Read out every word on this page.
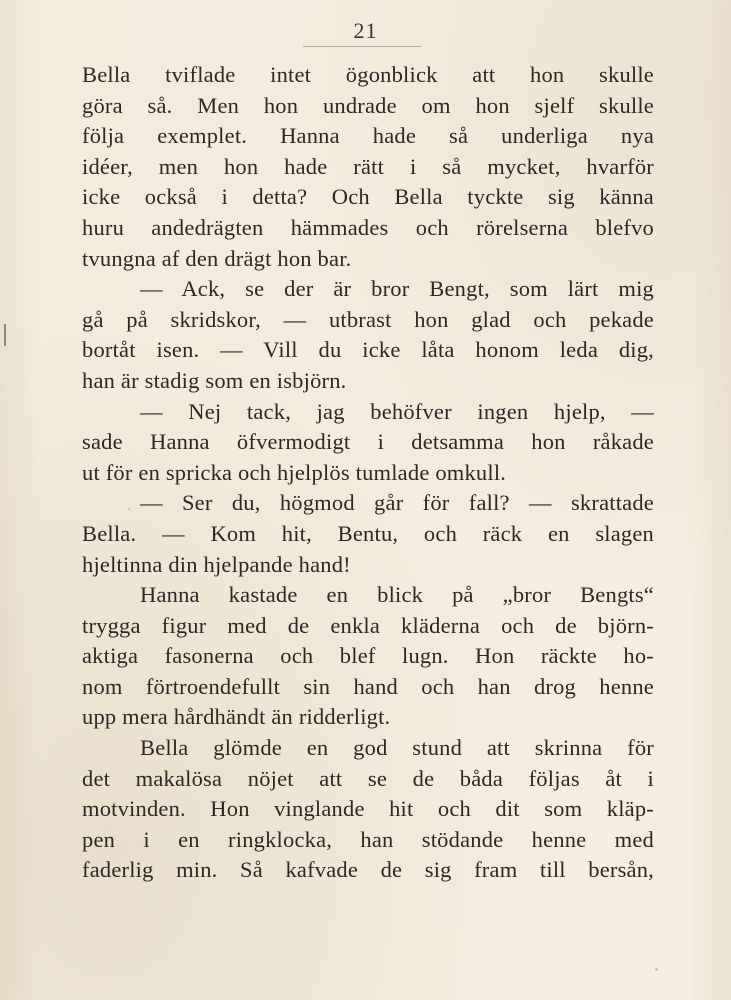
21
Bella tviflade intet ögonblick att hon skulle
göra så. Men hon undrade om hon sjelf skulle
följa exemplet. Hanna hade så underliga nya
idéer, men hon hade rätt i så mycket, hvarför
icke också i detta? Och Bella tyckte sig känna
huru andedrägten hämmades och rörelserna blefvo
tvungna af den drägt hon bar.
— Ack, se der är bror Bengt, som lärt mig
gå på skridskor, — utbrast hon glad och pekade
bortåt isen. — Vill du icke låta honom leda dig,
han är stadig som en isbjörn.
— Nej tack, jag behöfver ingen hjelp, —
sade Hanna öfvermodigt i detsamma hon råkade
ut för en spricka och hjelplös tumlade omkull.
— Ser du, högmod går för fall? — skrattade
Bella. — Kom hit, Bentu, och räck en slagen
hjeltinna din hjelpande hand!
Hanna kastade en blick på „bror Bengts“
trygga figur med de enkla kläderna och de björn-
aktiga fasonerna och blef lugn. Hon räckte ho-
nom förtroendefullt sin hand och han drog henne
upp mera hårdhändt än ridderligt.
Bella glömde en god stund att skrinna för
det makalösa nöjet att se de båda följas åt i
motvinden. Hon vinglande hit och dit som kläp-
pen i en ringklocka, han stödande henne med
faderlig min. Så kafvade de sig fram till bersån,
